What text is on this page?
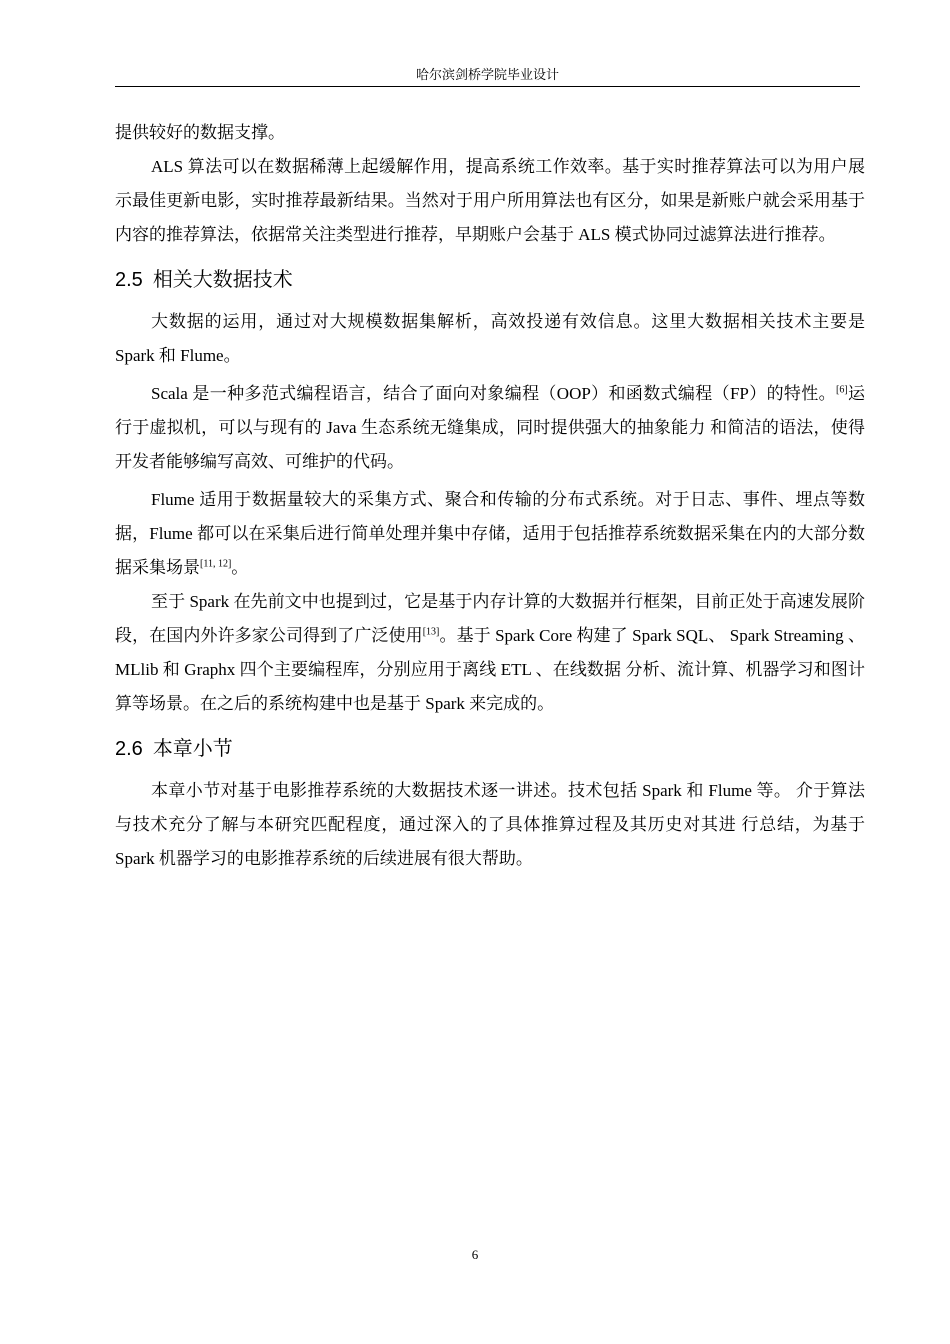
哈尔滨剑桥学院毕业设计

提供较好的数据支撑。

ALS 算法可以在数据稀薄上起缓解作用，提高系统工作效率。基于实时推荐算法可以为用户展示最佳更新电影，实时推荐最新结果。当然对于用户所用算法也有区分，如果是新账户就会采用基于内容的推荐算法，依据常关注类型进行推荐，早期账户会基于 ALS 模式协同过滤算法进行推荐。

2.5 相关大数据技术

大数据的运用，通过对大规模数据集解析，高效投递有效信息。这里大数据相关技术主要是 Spark 和 Flume。

Scala 是一种多范式编程语言，结合了面向对象编程（OOP）和函数式编程（FP）的特性。[6]运行于虚拟机，可以与现有的 Java 生态系统无缝集成，同时提供强大的抽象能力 和简洁的语法，使得开发者能够编写高效、可维护的代码。

Flume 适用于数据量较大的采集方式、聚合和传输的分布式系统。对于日志、事件、埋点等数据，Flume 都可以在采集后进行简单处理并集中存储，适用于包括推荐系统数据采集在内的大部分数据采集场景[11, 12]。

至于 Spark 在先前文中也提到过，它是基于内存计算的大数据并行框架，目前正处于高速发展阶段，在国内外许多家公司得到了广泛使用[13]。基于 Spark Core 构建了 Spark SQL、 Spark Streaming 、MLlib 和 Graphx 四个主要编程库，分别应用于离线 ETL 、在线数据 分析、流计算、机器学习和图计算等场景。在之后的系统构建中也是基于 Spark 来完成的。

2.6 本章小节

本章小节对基于电影推荐系统的大数据技术逐一讲述。技术包括 Spark 和 Flume 等。 介于算法与技术充分了解与本研究匹配程度，通过深入的了具体推算过程及其历史对其进 行总结，为基于 Spark 机器学习的电影推荐系统的后续进展有很大帮助。

6
